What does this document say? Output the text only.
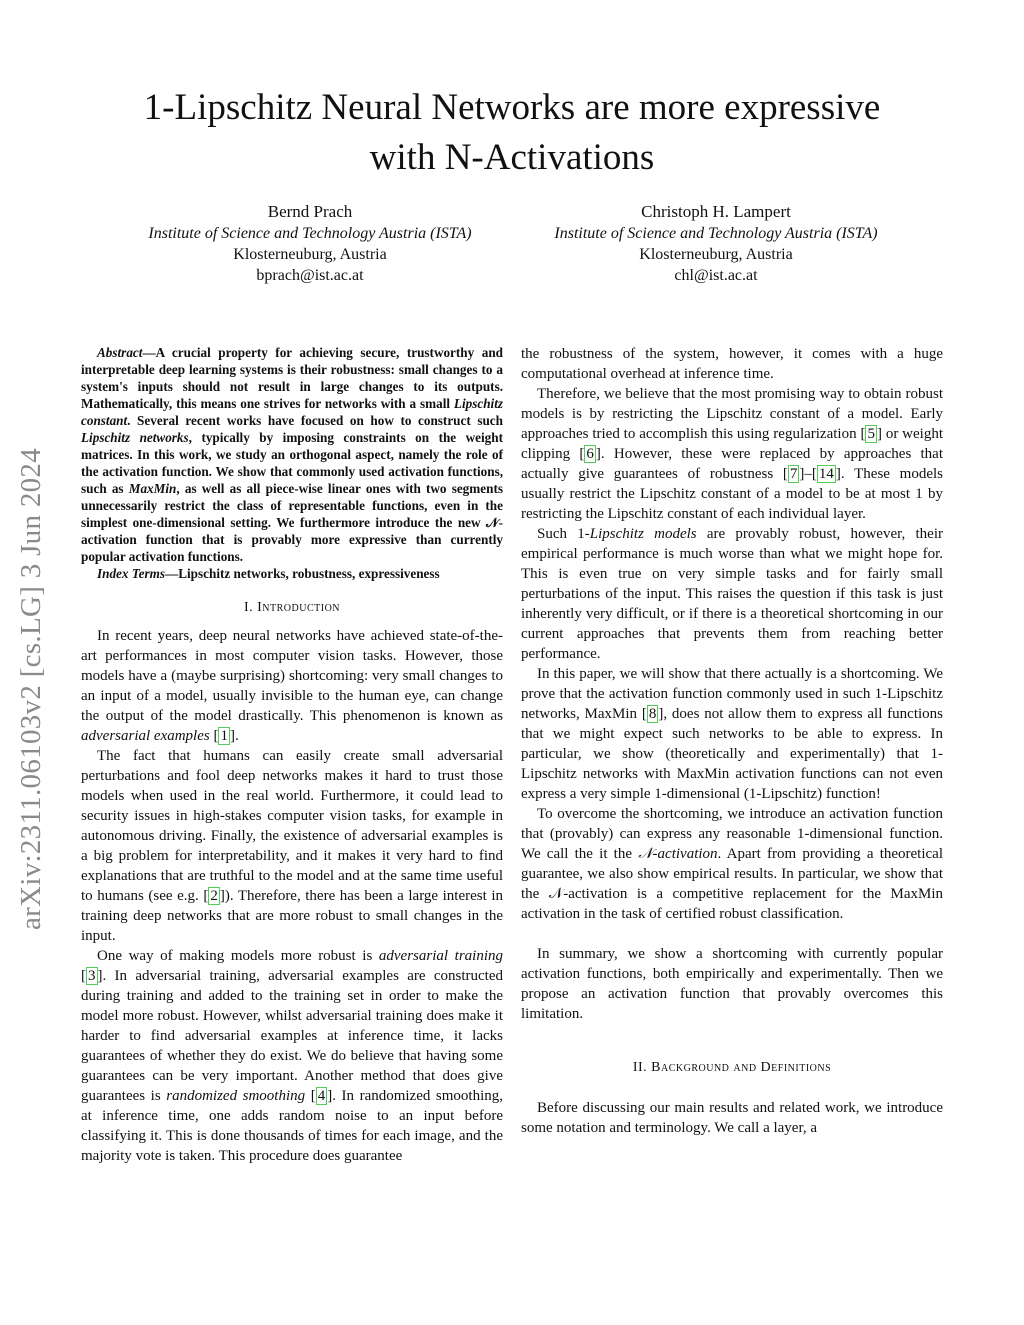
1-Lipschitz Neural Networks are more expressive
with N-Activations
Bernd Prach
Institute of Science and Technology Austria (ISTA)
Klosterneuburg, Austria
bprach@ist.ac.at
Christoph H. Lampert
Institute of Science and Technology Austria (ISTA)
Klosterneuburg, Austria
chl@ist.ac.at
arXiv:2311.06103v2 [cs.LG] 3 Jun 2024

Abstract—A crucial property for achieving secure, trustworthy and interpretable deep learning systems is their robustness: small changes to a system's inputs should not result in large changes to its outputs. Mathematically, this means one strives for networks with a small Lipschitz constant. Several recent works have focused on how to construct such Lipschitz networks, typically by imposing constraints on the weight matrices. In this work, we study an orthogonal aspect, namely the role of the activation function. We show that commonly used activation functions, such as MaxMin, as well as all piece-wise linear ones with two segments unnecessarily restrict the class of representable functions, even in the simplest one-dimensional setting. We furthermore introduce the new 𝒩-activation function that is provably more expressive than currently popular activation functions.

Index Terms—Lipschitz networks, robustness, expressiveness

I. Introduction

In recent years, deep neural networks have achieved state-of-the-art performances in most computer vision tasks. However, those models have a (maybe surprising) shortcoming: very small changes to an input of a model, usually invisible to the human eye, can change the output of the model drastically. This phenomenon is known as adversarial examples [ 1 ].

The fact that humans can easily create small adversarial perturbations and fool deep networks makes it hard to trust those models when used in the real world. Furthermore, it could lead to security issues in high-stakes computer vision tasks, for example in autonomous driving. Finally, the existence of adversarial examples is a big problem for interpretability, and it makes it very hard to find explanations that are truthful to the model and at the same time useful to humans (see e.g. [ 2 ]). Therefore, there has been a large interest in training deep networks that are more robust to small changes in the input.

One way of making models more robust is adversarial training [ 3 ]. In adversarial training, adversarial examples are constructed during training and added to the training set in order to make the model more robust. However, whilst adversarial training does make it harder to find adversarial examples at inference time, it lacks guarantees of whether they do exist. We do believe that having some guarantees can be very important. Another method that does give guarantees is randomized smoothing [ 4 ]. In randomized smoothing, at inference time, one adds random noise to an input before classifying it. This is done thousands of times for each image, and the majority vote is taken. This procedure does guarantee

the robustness of the system, however, it comes with a huge computational overhead at inference time.

Therefore, we believe that the most promising way to obtain robust models is by restricting the Lipschitz constant of a model. Early approaches tried to accomplish this using regularization [ 5 ] or weight clipping [ 6 ]. However, these were replaced by approaches that actually give guarantees of robustness [ 7 ]–[ 14 ]. These models usually restrict the Lipschitz constant of a model to be at most 1 by restricting the Lipschitz constant of each individual layer.

Such 1-Lipschitz models are provably robust, however, their empirical performance is much worse than what we might hope for. This is even true on very simple tasks and for fairly small perturbations of the input. This raises the question if this task is just inherently very difficult, or if there is a theoretical shortcoming in our current approaches that prevents them from reaching better performance.

In this paper, we will show that there actually is a shortcoming. We prove that the activation function commonly used in such 1-Lipschitz networks, MaxMin [ 8 ], does not allow them to express all functions that we might expect such networks to be able to express. In particular, we show (theoretically and experimentally) that 1-Lipschitz networks with MaxMin activation functions can not even express a very simple 1-dimensional (1-Lipschitz) function!

To overcome the shortcoming, we introduce an activation function that (provably) can express any reasonable 1-dimensional function. We call the it the 𝒩-activation. Apart from providing a theoretical guarantee, we also show empirical results. In particular, we show that the 𝒩-activation is a competitive replacement for the MaxMin activation in the task of certified robust classification.

In summary, we show a shortcoming with currently popular activation functions, both empirically and experimentally. Then we propose an activation function that provably overcomes this limitation.

II. Background and Definitions

Before discussing our main results and related work, we introduce some notation and terminology. We call a layer, a
